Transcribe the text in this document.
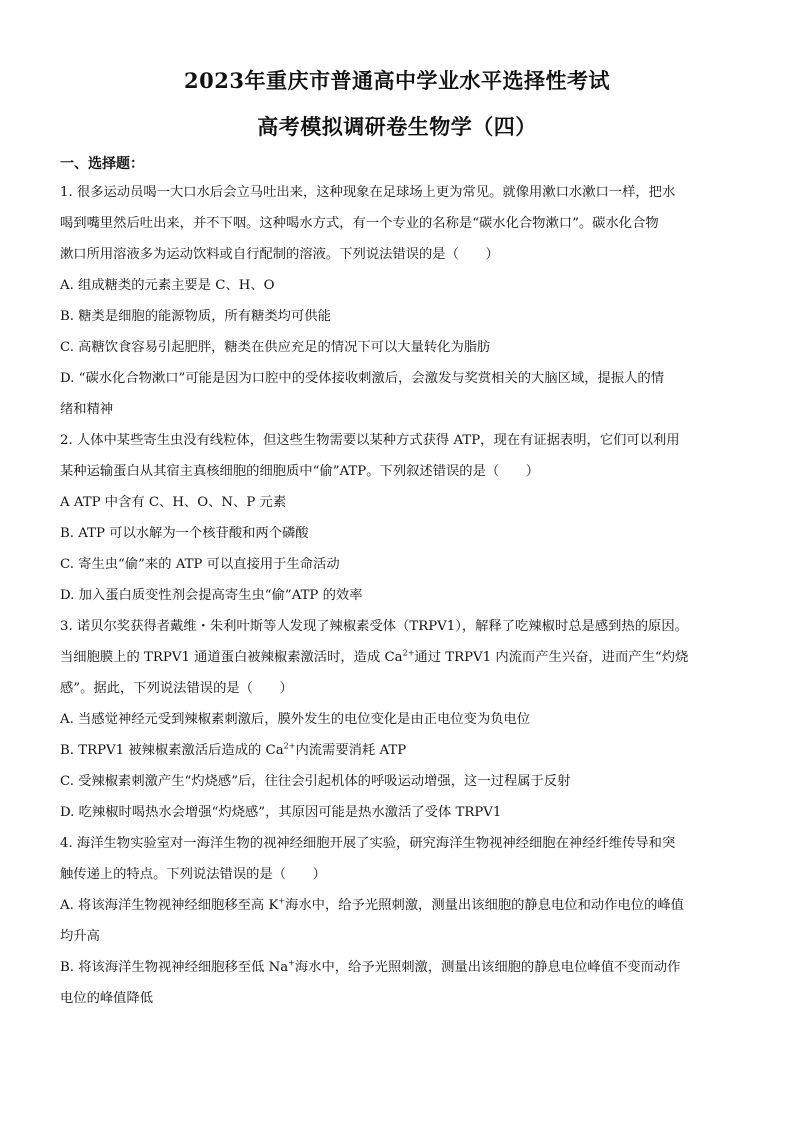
2023年重庆市普通高中学业水平选择性考试
高考模拟调研卷生物学（四）
一、选择题：
1. 很多运动员喝一大口水后会立马吐出来，这种现象在足球场上更为常见。就像用漱口水漱口一样，把水
喝到嘴里然后吐出来，并不下咽。这种喝水方式，有一个专业的名称是“碳水化合物漱口”。碳水化合物
漱口所用溶液多为运动饮料或自行配制的溶液。下列说法错误的是（　　）
A. 组成糖类的元素主要是 C、H、O
B. 糖类是细胞的能源物质，所有糖类均可供能
C. 高糖饮食容易引起肥胖，糖类在供应充足的情况下可以大量转化为脂肪
D. “碳水化合物漱口”可能是因为口腔中的受体接收刺激后，会激发与奖赏相关的大脑区域，提振人的情
绪和精神
2. 人体中某些寄生虫没有线粒体，但这些生物需要以某种方式获得 ATP，现在有证据表明，它们可以利用
某种运输蛋白从其宿主真核细胞的细胞质中“偷”ATP。下列叙述错误的是（　　）
A ATP 中含有 C、H、O、N、P 元素
B. ATP 可以水解为一个核苷酸和两个磷酸
C. 寄生虫“偷”来的 ATP 可以直接用于生命活动
D. 加入蛋白质变性剂会提高寄生虫“偷”ATP 的效率
3. 诺贝尔奖获得者戴维・朱利叶斯等人发现了辣椒素受体（TRPV1），解释了吃辣椒时总是感到热的原因。
当细胞膜上的 TRPV1 通道蛋白被辣椒素激活时，造成 $Ca^{2+}$通过 TRPV1 内流而产生兴奋，进而产生“灼烧
感”。据此，下列说法错误的是（　　）
A. 当感觉神经元受到辣椒素刺激后，膜外发生的电位变化是由正电位变为负电位
B. TRPV1 被辣椒素激活后造成的 $Ca^{2+}$内流需要消耗 ATP
C. 受辣椒素刺激产生“灼烧感”后，往往会引起机体的呼吸运动增强，这一过程属于反射
D. 吃辣椒时喝热水会增强“灼烧感”，其原因可能是热水激活了受体 TRPV1
4. 海洋生物实验室对一海洋生物的视神经细胞开展了实验，研究海洋生物视神经细胞在神经纤维传导和突
触传递上的特点。下列说法错误的是（　　）
A. 将该海洋生物视神经细胞移至高 K+海水中，给予光照刺激，测量出该细胞的静息电位和动作电位的峰值
均升高
B. 将该海洋生物视神经细胞移至低 Na+海水中，给予光照刺激，测量出该细胞的静息电位峰值不变而动作
电位的峰值降低
